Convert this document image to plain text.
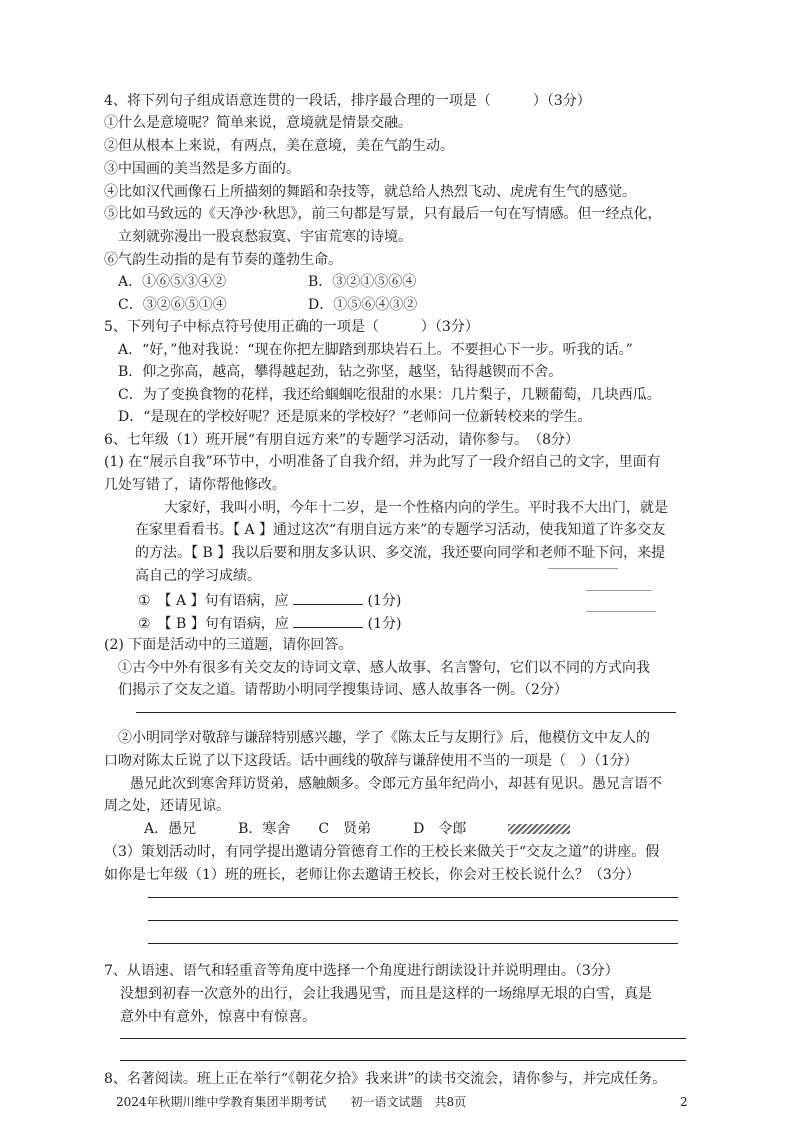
4、将下列句子组成语意连贯的一段话，排序最合理的一项是（　　　）（3分）
①什么是意境呢？简单来说，意境就是情景交融。
②但从根本上来说，有两点，美在意境，美在气韵生动。
③中国画的美当然是多方面的。
④比如汉代画像石上所描刻的舞蹈和杂技等，就总给人热烈飞动、虎虎有生气的感觉。
⑤比如马致远的《天净沙·秋思》，前三句都是写景，只有最后一句在写情感。但一经点化，
立刻就弥漫出一股哀愁寂寞、宇宙荒寒的诗境。
⑥气韵生动指的是有节奏的蓬勃生命。
A．①⑥⑤③④②	B．③②①⑤⑥④
C．③②⑥⑤①④	D．①⑤⑥④③②
5、下列句子中标点符号使用正确的一项是（　　　）（3分）
A．“好，”他对我说：“现在你把左脚踏到那块岩石上。不要担心下一步。听我的话。”
B．仰之弥高，越高，攀得越起劲，钻之弥坚，越坚，钻得越锲而不舍。
C．为了变换食物的花样，我还给蝈蝈吃很甜的水果：几片梨子，几颗葡萄，几块西瓜。
D．“是现在的学校好呢？还是原来的学校好？”老师问一位新转校来的学生。
6、七年级（1）班开展“有朋自远方来”的专题学习活动，请你参与。　（8分）
(1) 在“展示自我”环节中，小明准备了自我介绍，并为此写了一段介绍自己的文字，里面有
几处写错了，请你帮他修改。
大家好，我叫小明，今年十二岁，是一个性格内向的学生。平时我不大出门，就是
在家里看看书。【 A 】通过这次“有朋自远方来”的专题学习活动，使我知道了许多交友
的方法。【 B 】我以后要和朋友多认识、多交流，我还要向同学和老师不耻下问，来提
高自己的学习成绩。
①　【 A 】句有语病，应	(1分)
②　【 B 】句有语病，应	(1分)
(2) 下面是活动中的三道题，请你回答。
①古今中外有很多有关交友的诗词文章、感人故事、名言警句，它们以不同的方式向我
们揭示了交友之道。请帮助小明同学搜集诗词、感人故事各一例。（2分）
②小明同学对敬辞与谦辞特别感兴趣，学了《陈太丘与友期行》后，他模仿文中友人的
口吻对陈太丘说了以下这段话。话中画线的敬辞与谦辞使用不当的一项是（　）（1分）
愚兄此次到寒舍拜访贤弟，感触颇多。令郎元方虽年纪尚小，却甚有见识。愚兄言语不
周之处，还请见谅。
A．愚兄　　　B．寒舍　　C　贤弟　　　D　令郎
（3）策划活动时，有同学提出邀请分管德育工作的王校长来做关于“交友之道”的讲座。假
如你是七年级（1）班的班长，老师让你去邀请王校长，你会对王校长说什么？（3分）
7、从语速、语气和轻重音等角度中选择一个角度进行朗读设计并说明理由。（3分）
没想到初春一次意外的出行，会让我遇见雪，而且是这样的一场绵厚无垠的白雪，真是
意外中有意外，惊喜中有惊喜。
8、名著阅读。班上正在举行“《朝花夕拾》我来讲”的读书交流会，请你参与，并完成任务。
2024年秋期川维中学教育集团半期考试　　初一语文试题　共8页	2
